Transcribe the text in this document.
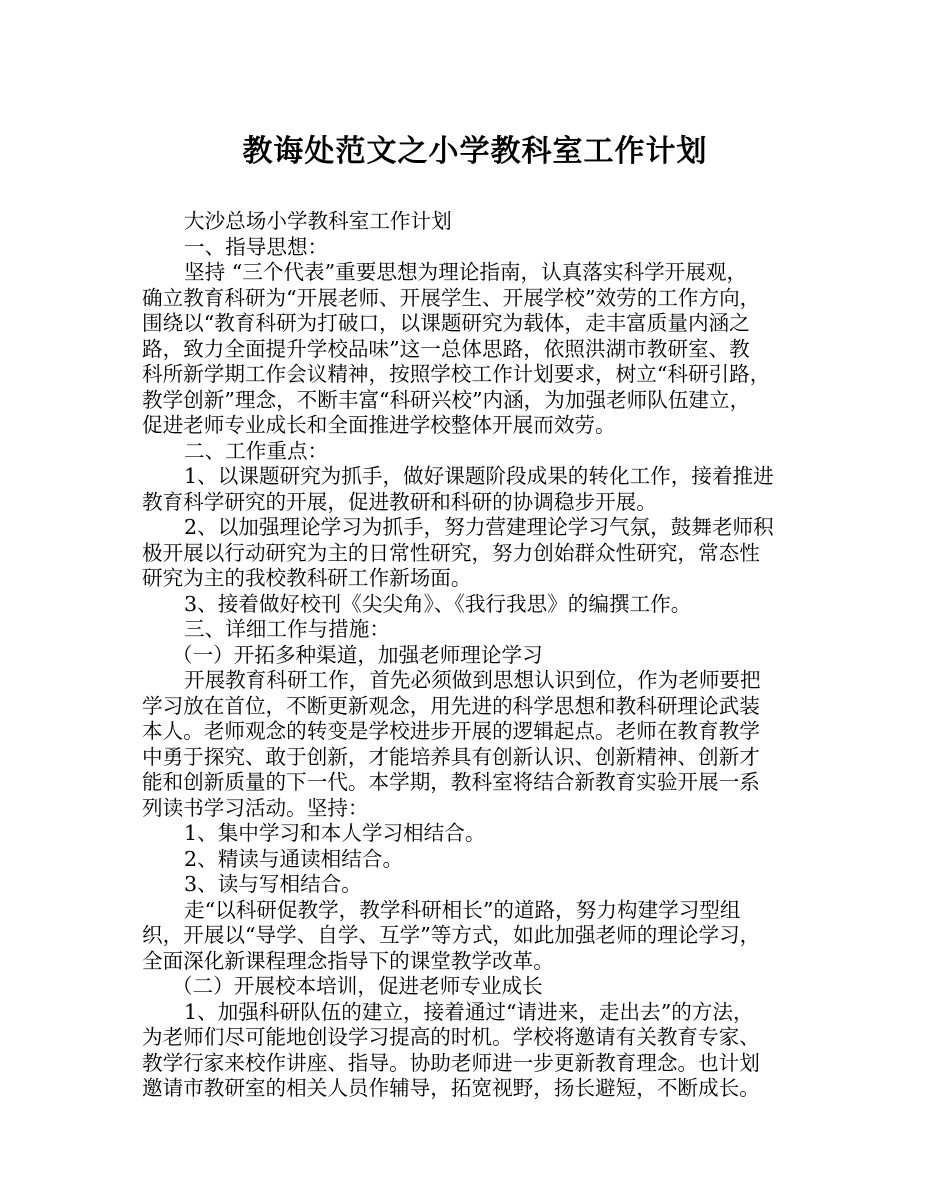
教诲处范文之小学教科室工作计划
大沙总场小学教科室工作计划
一、指导思想：
坚持 “三个代表”重要思想为理论指南，认真落实科学开展观，
确立教育科研为“开展老师、开展学生、开展学校”效劳的工作方向，
围绕以“教育科研为打破口，以课题研究为载体，走丰富质量内涵之
路，致力全面提升学校品味”这一总体思路，依照洪湖市教研室、教
科所新学期工作会议精神，按照学校工作计划要求，树立“科研引路，
教学创新”理念，不断丰富“科研兴校”内涵，为加强老师队伍建立，
促进老师专业成长和全面推进学校整体开展而效劳。
二、工作重点：
1、以课题研究为抓手，做好课题阶段成果的转化工作，接着推进
教育科学研究的开展，促进教研和科研的协调稳步开展。
2、以加强理论学习为抓手，努力营建理论学习气氛，鼓舞老师积
极开展以行动研究为主的日常性研究，努力创始群众性研究，常态性
研究为主的我校教科研工作新场面。
3、接着做好校刊《尖尖角》、《我行我思》的编撰工作。
三、详细工作与措施：
（一）开拓多种渠道，加强老师理论学习
开展教育科研工作，首先必须做到思想认识到位，作为老师要把
学习放在首位，不断更新观念，用先进的科学思想和教科研理论武装
本人。老师观念的转变是学校进步开展的逻辑起点。老师在教育教学
中勇于探究、敢于创新，才能培养具有创新认识、创新精神、创新才
能和创新质量的下一代。本学期，教科室将结合新教育实验开展一系
列读书学习活动。坚持：
1、集中学习和本人学习相结合。
2、精读与通读相结合。
3、读与写相结合。
走“以科研促教学，教学科研相长”的道路，努力构建学习型组
织，开展以“导学、自学、互学”等方式，如此加强老师的理论学习，
全面深化新课程理念指导下的课堂教学改革。
（二）开展校本培训，促进老师专业成长
1、加强科研队伍的建立，接着通过“请进来，走出去”的方法，
为老师们尽可能地创设学习提高的时机。学校将邀请有关教育专家、
教学行家来校作讲座、指导。协助老师进一步更新教育理念。也计划
邀请市教研室的相关人员作辅导，拓宽视野，扬长避短，不断成长。
